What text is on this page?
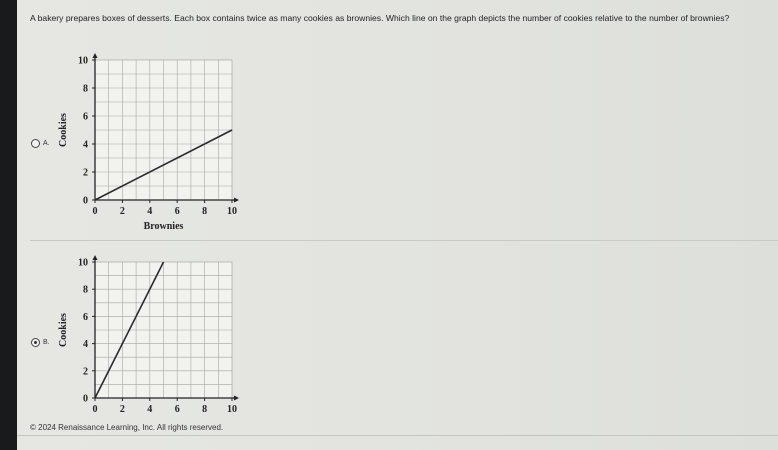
A bakery prepares boxes of desserts. Each box contains twice as many cookies as brownies. Which line on the graph depicts the number of cookies relative to the number of brownies?
A.
0 2 4 6 8 10
0
2
4
6
8
10
Brownies
Cookies
B.
0 2 4 6 8 10
0
2
4
6
8
10
Cookies
© 2024 Renaissance Learning, Inc. All rights reserved.
